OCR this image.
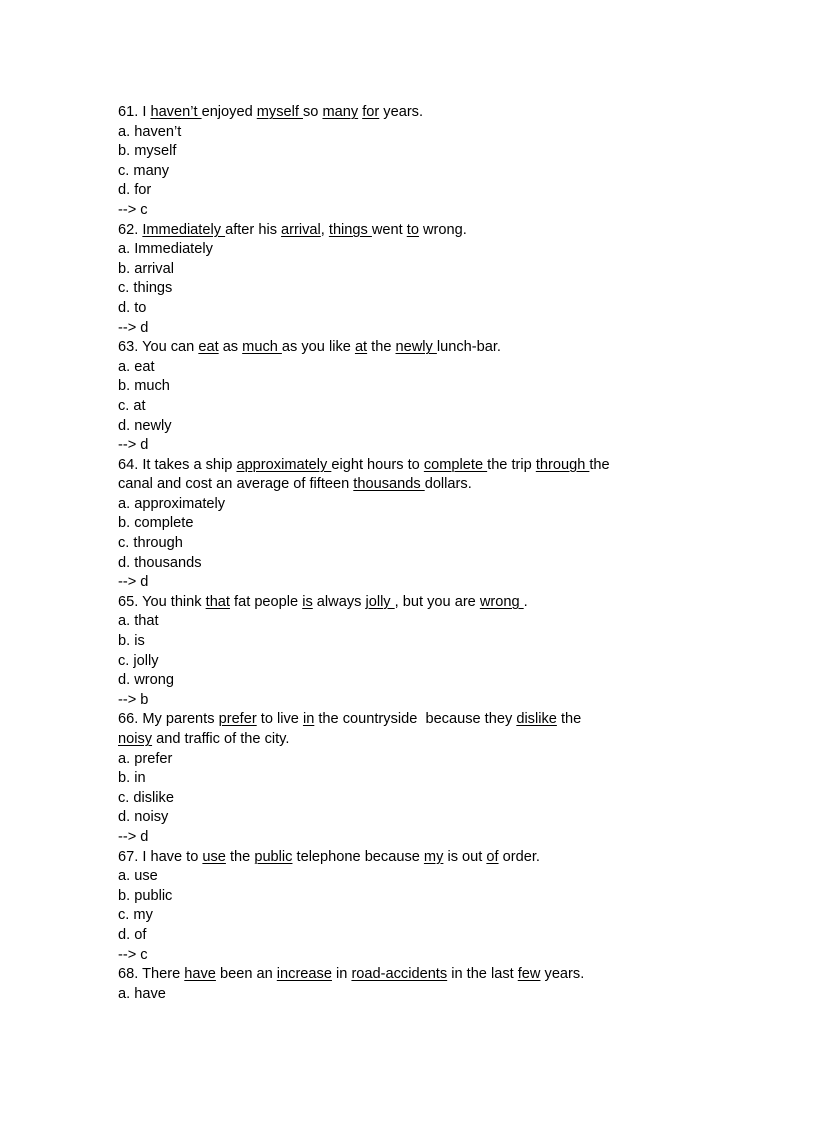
61. I haven’t enjoyed myself so many for years.
a. haven’t
b. myself
c. many
d. for
--> c
62. Immediately after his arrival, things went to wrong.
a. Immediately
b. arrival
c. things
d. to
--> d
63. You can eat as much as you like at the newly lunch-bar.
a. eat
b. much
c. at
d. newly
--> d
64. It takes a ship approximately eight hours to complete the trip through the
canal and cost an average of fifteen thousands dollars.
a. approximately
b. complete
c. through
d. thousands
--> d
65. You think that fat people is always jolly , but you are wrong .
a. that
b. is
c. jolly
d. wrong
--> b
66. My parents prefer to live in the countryside  because they dislike the
noisy and traffic of the city.
a. prefer
b. in
c. dislike
d. noisy
--> d
67. I have to use the public telephone because my is out of order.
a. use
b. public
c. my
d. of
--> c
68. There have been an increase in road-accidents in the last few years.
a. have
